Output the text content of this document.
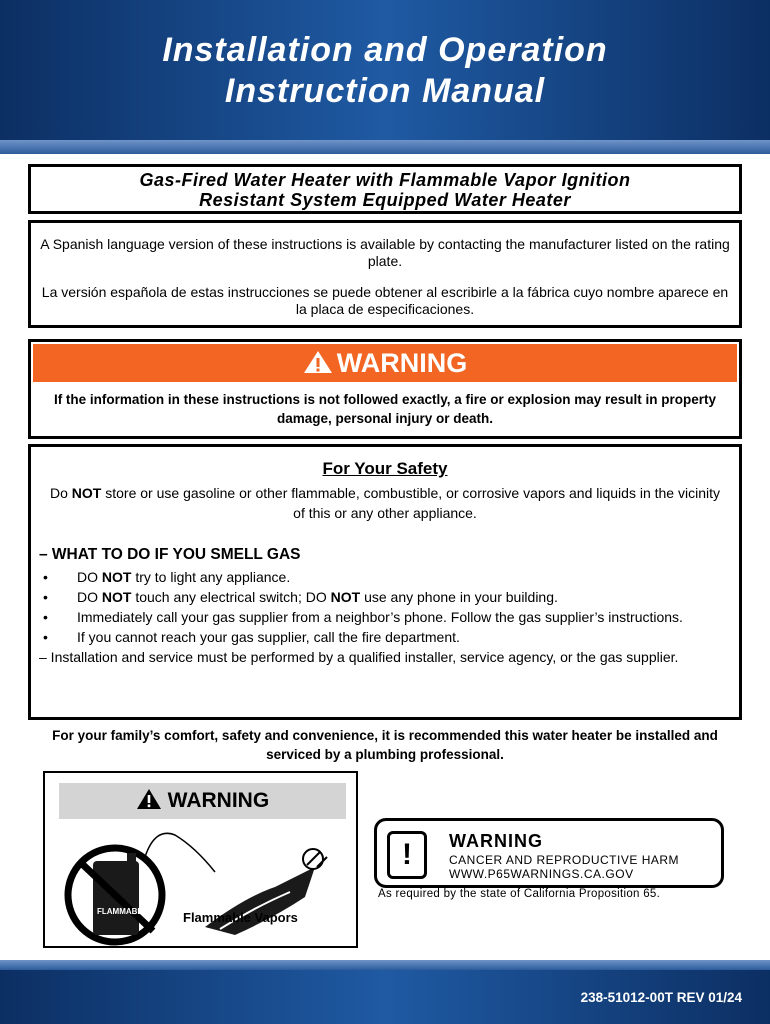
Installation and Operation
Instruction Manual
Gas-Fired Water Heater with Flammable Vapor Ignition
Resistant System Equipped Water Heater

A Spanish language version of these instructions is available by contacting the manufacturer listed on the rating plate.

La versión española de estas instrucciones se puede obtener al escribirle a la fábrica cuyo nombre aparece en la placa de especificaciones.

WARNING
If the information in these instructions is not followed exactly, a fire or explosion may result in property damage, personal injury or death.
For Your Safety
Do NOT store or use gasoline or other flammable, combustible, or corrosive vapors and liquids in the vicinity of this or any other appliance.
– WHAT TO DO IF YOU SMELL GAS
• DO NOT try to light any appliance.
• DO NOT touch any electrical switch; DO NOT use any phone in your building.
• Immediately call your gas supplier from a neighbor’s phone. Follow the gas supplier’s instructions.
• If you cannot reach your gas supplier, call the fire department.
– Installation and service must be performed by a qualified installer, service agency, or the gas supplier.
For your family’s comfort, safety and convenience, it is recommended this water heater be installed and serviced by a plumbing professional.
WARNING
FLAMMABLES Flammable Vapors
!	WARNING
CANCER AND REPRODUCTIVE HARM
WWW.P65WARNINGS.CA.GOV
As required by the state of California Proposition 65.
238-51012-00T REV 01/24
